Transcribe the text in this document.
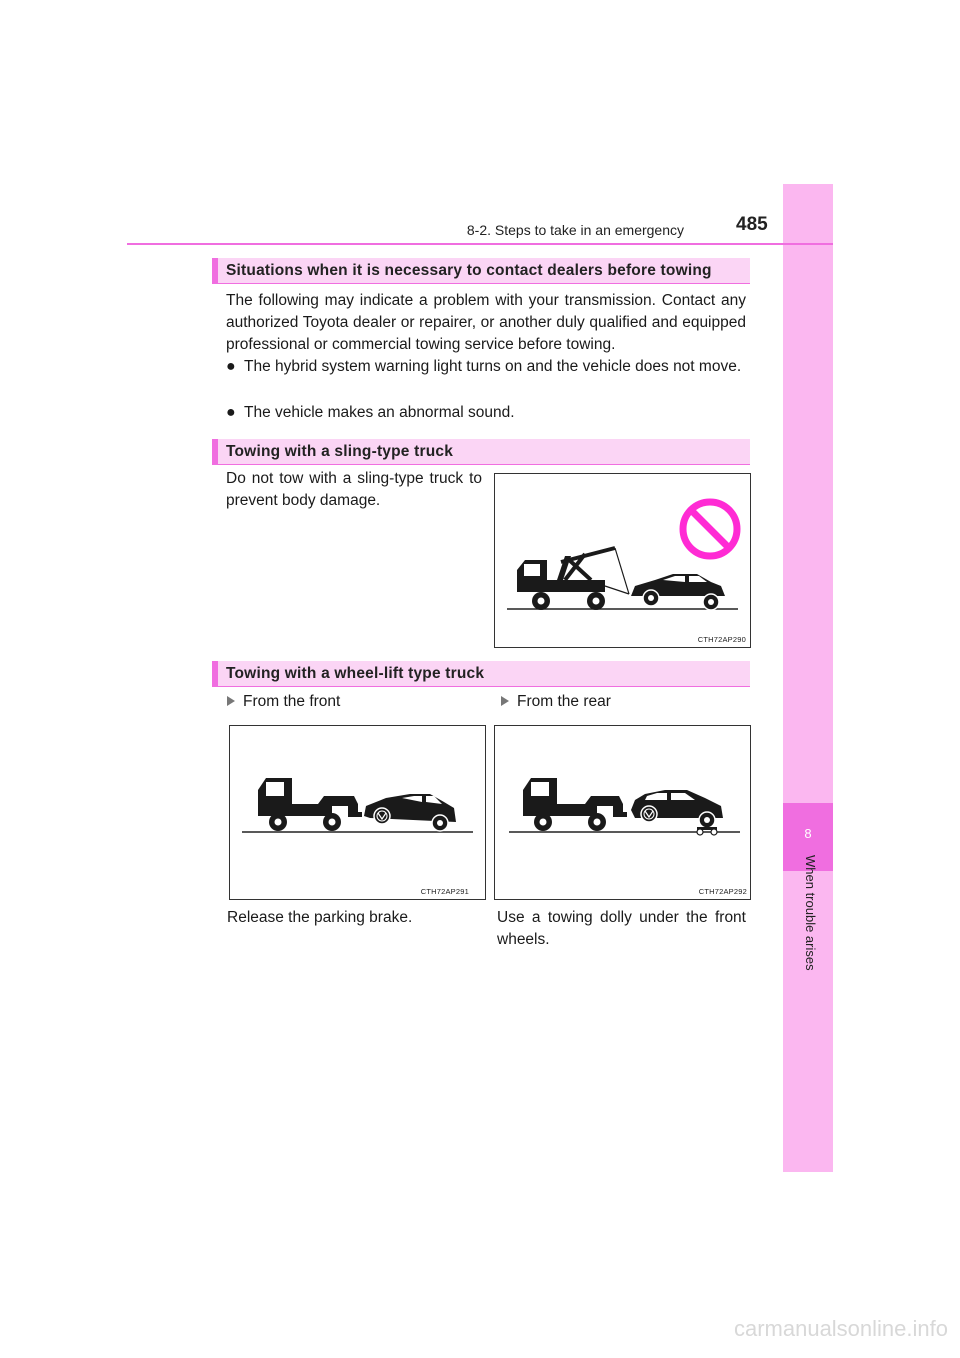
8
When trouble arises
8-2. Steps to take in an emergency	485
Situations when it is necessary to contact dealers before towing
The following may indicate a problem with your transmission. Contact any authorized Toyota dealer or repairer, or another duly qualified and equipped professional or commercial towing service before towing.
● The hybrid system warning light turns on and the vehicle does not move.
● The vehicle makes an abnormal sound.
Towing with a sling-type truck
Do not tow with a sling-type truck to prevent body damage.
CTH72AP290
Towing with a wheel-lift type truck
From the front	From the rear
CTH72AP291	CTH72AP292
Release the parking brake.	Use a towing dolly under the front wheels.
carmanualsonline.info
